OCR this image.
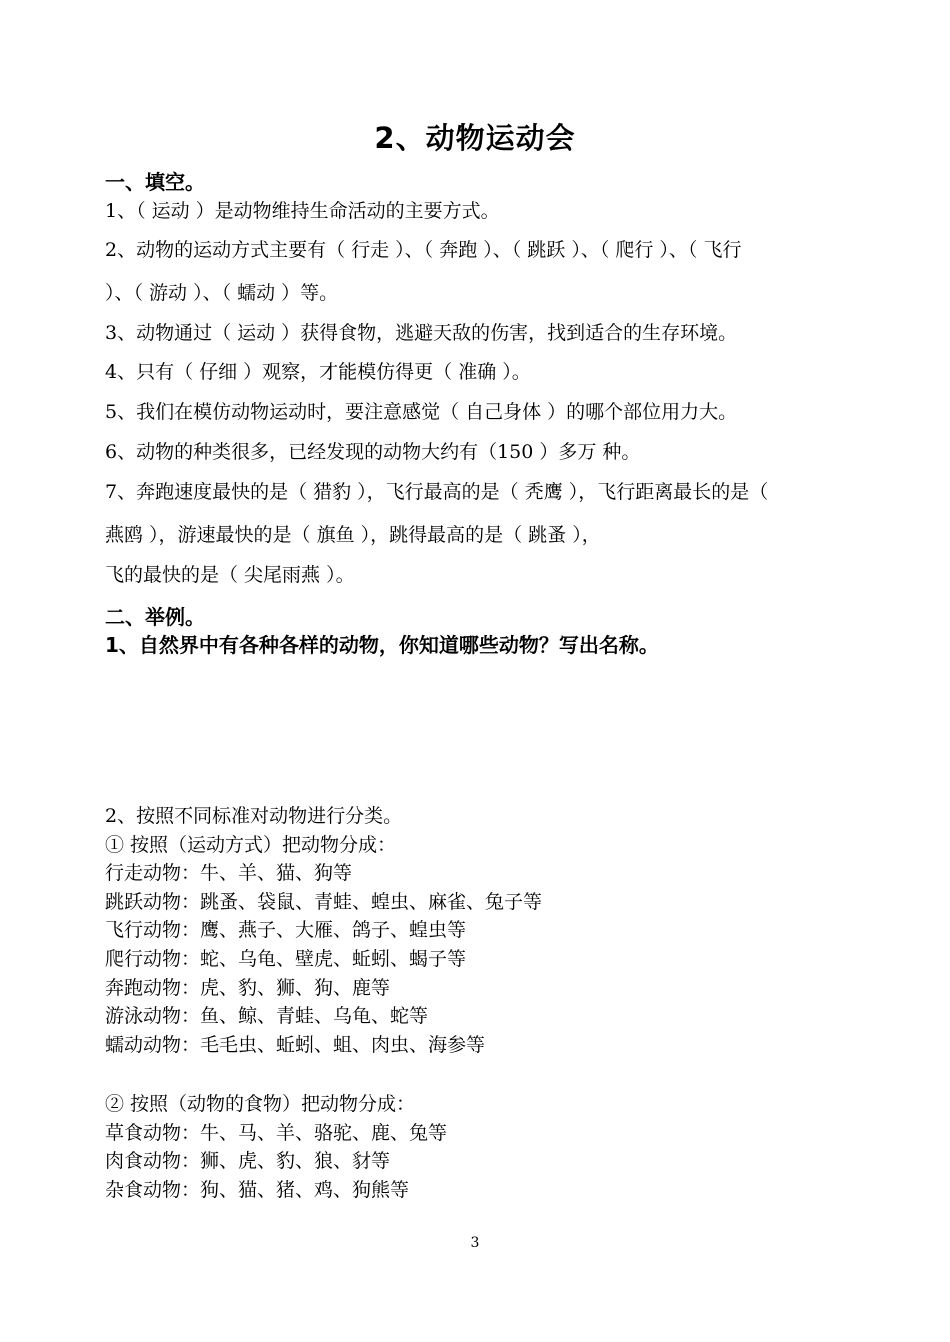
2、动物运动会
一、填空。
1、（ 运动 ）是动物维持生命活动的主要方式。
2、动物的运动方式主要有（ 行走 ）、（ 奔跑 ）、（ 跳跃 ）、（ 爬行 ）、（ 飞行
）、（ 游动 ）、（ 蠕动 ）等。
3、动物通过（ 运动 ）获得食物，逃避天敌的伤害，找到适合的生存环境。
4、只有（ 仔细 ）观察，才能模仿得更（ 准确 ）。
5、我们在模仿动物运动时，要注意感觉（ 自己身体 ）的哪个部位用力大。
6、动物的种类很多，已经发现的动物大约有（150 ）多万 种。
7、奔跑速度最快的是（ 猎豹 ），飞行最高的是（ 秃鹰 ），飞行距离最长的是（
燕鸥 ），游速最快的是（ 旗鱼 ），跳得最高的是（ 跳蚤 ），
飞的最快的是（ 尖尾雨燕 ）。
二、举例。
1、自然界中有各种各样的动物，你知道哪些动物？写出名称。
2、按照不同标准对动物进行分类。
① 按照（运动方式）把动物分成：
行走动物：牛、羊、猫、狗等
跳跃动物：跳蚤、袋鼠、青蛙、蝗虫、麻雀、兔子等
飞行动物：鹰、燕子、大雁、鸽子、蝗虫等
爬行动物：蛇、乌龟、壁虎、蚯蚓、蝎子等
奔跑动物：虎、豹、狮、狗、鹿等
游泳动物：鱼、鲸、青蛙、乌龟、蛇等
蠕动动物：毛毛虫、蚯蚓、蛆、肉虫、海参等
② 按照（动物的食物）把动物分成：
草食动物：牛、马、羊、骆驼、鹿、兔等
肉食动物：狮、虎、豹、狼、豺等
杂食动物：狗、猫、猪、鸡、狗熊等
3
